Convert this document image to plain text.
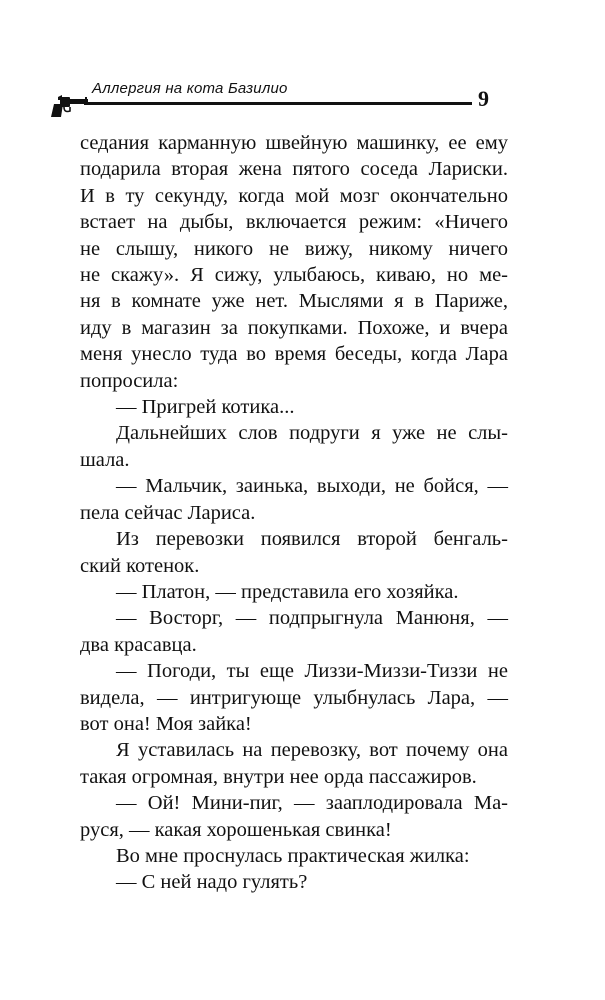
Аллергия на кота Базилио	9
седания карманную швейную машинку, ее ему
подарила вторая жена пятого соседа Лариски.
И в ту секунду, когда мой мозг окончательно
встает на дыбы, включается режим: «Ничего
не слышу, никого не вижу, никому ничего
не скажу». Я сижу, улыбаюсь, киваю, но ме-
ня в комнате уже нет. Мыслями я в Париже,
иду в магазин за покупками. Похоже, и вчера
меня унесло туда во время беседы, когда Лара
попросила:
— Пригрей котика...
Дальнейших слов подруги я уже не слы-
шала.
— Мальчик, заинька, выходи, не бойся, —
пела сейчас Лариса.
Из перевозки появился второй бенгаль-
ский котенок.
— Платон, — представила его хозяйка.
— Восторг, — подпрыгнула Манюня, —
два красавца.
— Погоди, ты еще Лиззи-Миззи-Тиззи не
видела, — интригующе улыбнулась Лара, —
вот она! Моя зайка!
Я уставилась на перевозку, вот почему она
такая огромная, внутри нее орда пассажиров.
— Ой! Мини-пиг, — зааплодировала Ма-
руся, — какая хорошенькая свинка!
Во мне проснулась практическая жилка:
— С ней надо гулять?
